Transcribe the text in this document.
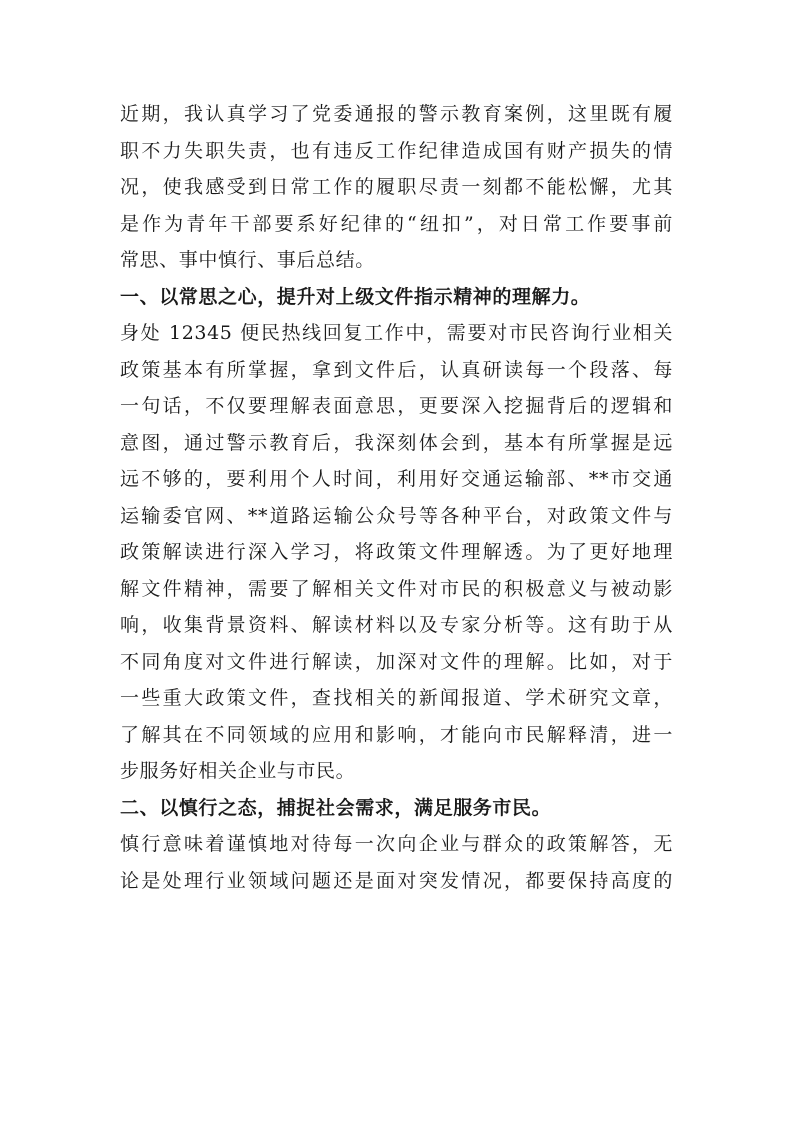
近期，我认真学习了党委通报的警示教育案例，这里既有履
职不力失职失责，也有违反工作纪律造成国有财产损失的情
况，使我感受到日常工作的履职尽责一刻都不能松懈，尤其
是作为青年干部要系好纪律的“纽扣”，对日常工作要事前
常思、事中慎行、事后总结。
一、以常思之心，提升对上级文件指示精神的理解力。
身处 12345 便民热线回复工作中，需要对市民咨询行业相关
政策基本有所掌握，拿到文件后，认真研读每一个段落、每
一句话，不仅要理解表面意思，更要深入挖掘背后的逻辑和
意图，通过警示教育后，我深刻体会到，基本有所掌握是远
远不够的，要利用个人时间，利用好交通运输部、**市交通
运输委官网、**道路运输公众号等各种平台，对政策文件与
政策解读进行深入学习，将政策文件理解透。为了更好地理
解文件精神，需要了解相关文件对市民的积极意义与被动影
响，收集背景资料、解读材料以及专家分析等。这有助于从
不同角度对文件进行解读，加深对文件的理解。比如，对于
一些重大政策文件，查找相关的新闻报道、学术研究文章，
了解其在不同领域的应用和影响，才能向市民解释清，进一
步服务好相关企业与市民。
二、以慎行之态，捕捉社会需求，满足服务市民。
慎行意味着谨慎地对待每一次向企业与群众的政策解答，无
论是处理行业领域问题还是面对突发情况，都要保持高度的
